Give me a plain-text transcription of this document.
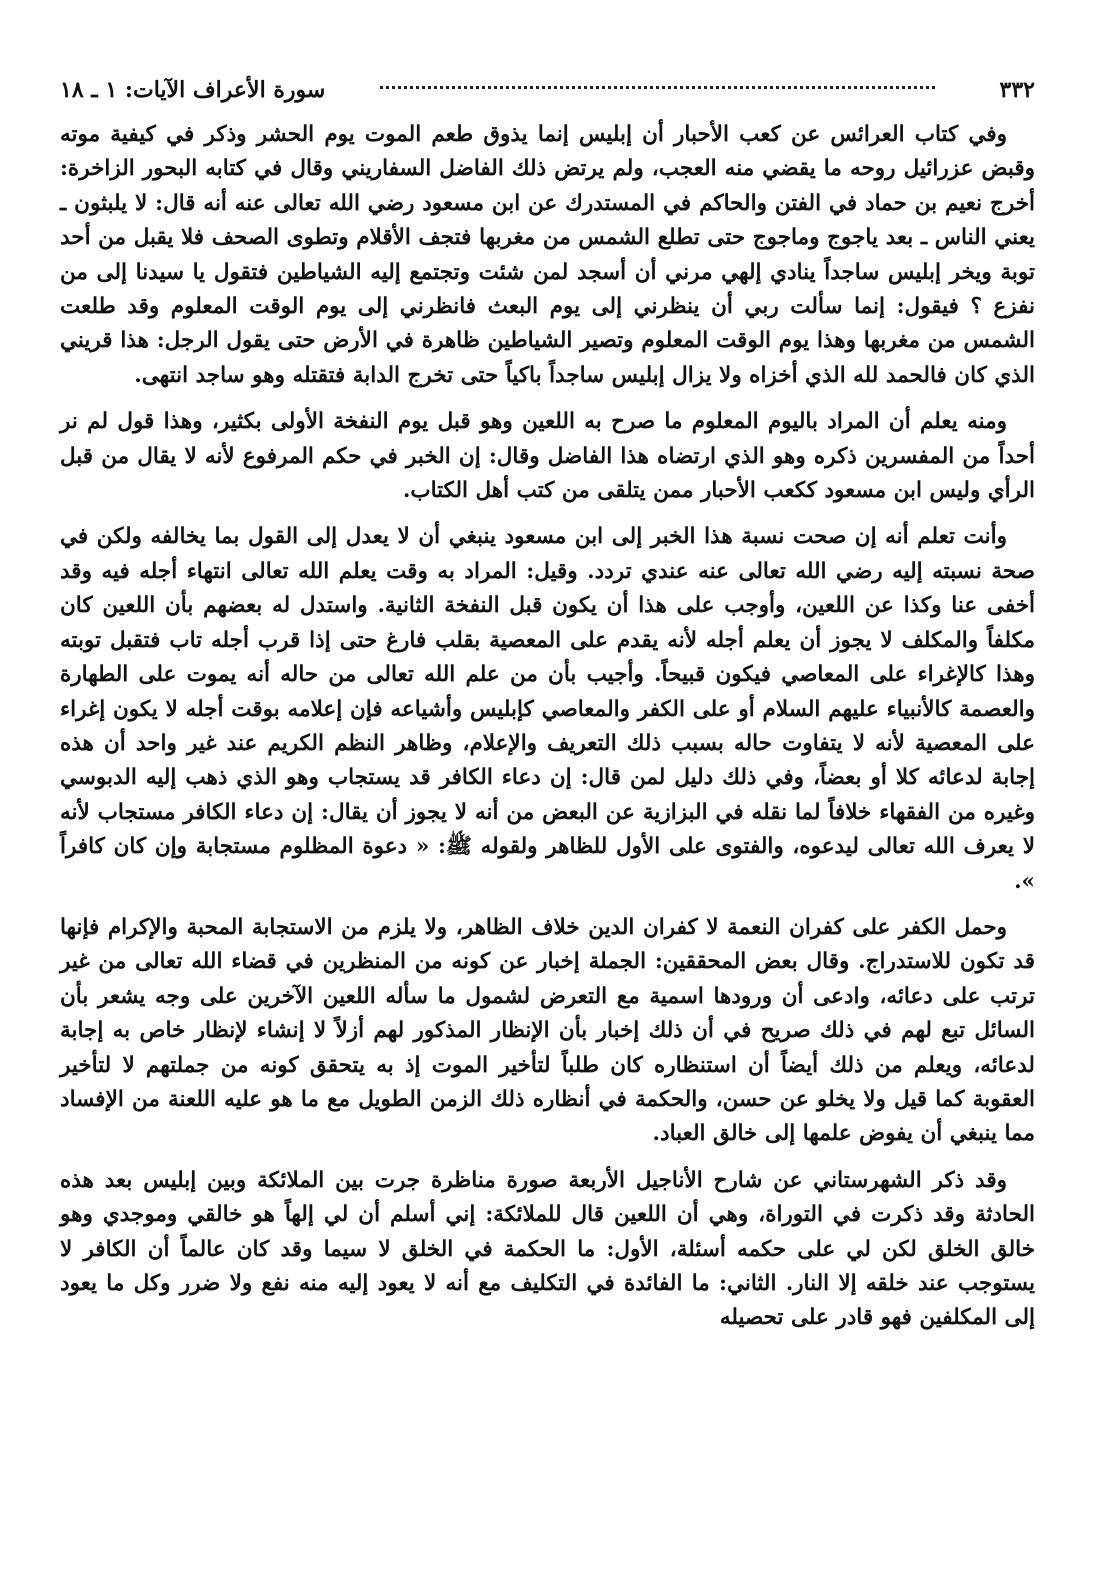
٣٣٢
سورة الأعراف الآيات: ١ ـ ١٨

وفي كتاب العرائس عن كعب الأحبار أن إبليس إنما يذوق طعم الموت يوم الحشر وذكر في كيفية موته وقبض عزرائيل روحه ما يقضي منه العجب، ولم يرتض ذلك الفاضل السفاريني وقال في كتابه البحور الزاخرة: أخرج نعيم بن حماد في الفتن والحاكم في المستدرك عن ابن مسعود رضي الله تعالى عنه أنه قال: لا يلبثون ـ يعني الناس ـ بعد ياجوج وماجوج حتى تطلع الشمس من مغربها فتجف الأقلام وتطوى الصحف فلا يقبل من أحد توبة ويخر إبليس ساجداً ينادي إلهي مرني أن أسجد لمن شئت وتجتمع إليه الشياطين فتقول يا سيدنا إلى من نفزع ؟ فيقول: إنما سألت ربي أن ينظرني إلى يوم البعث فانظرني إلى يوم الوقت المعلوم وقد طلعت الشمس من مغربها وهذا يوم الوقت المعلوم وتصير الشياطين ظاهرة في الأرض حتى يقول الرجل: هذا قريني الذي كان فالحمد لله الذي أخزاه ولا يزال إبليس ساجداً باكياً حتى تخرج الدابة فتقتله وهو ساجد انتهى.

ومنه يعلم أن المراد باليوم المعلوم ما صرح به اللعين وهو قبل يوم النفخة الأولى بكثير، وهذا قول لم نر أحداً من المفسرين ذكره وهو الذي ارتضاه هذا الفاضل وقال: إن الخبر في حكم المرفوع لأنه لا يقال من قبل الرأي وليس ابن مسعود ككعب الأحبار ممن يتلقى من كتب أهل الكتاب.

وأنت تعلم أنه إن صحت نسبة هذا الخبر إلى ابن مسعود ينبغي أن لا يعدل إلى القول بما يخالفه ولكن في صحة نسبته إليه رضي الله تعالى عنه عندي تردد. وقيل: المراد به وقت يعلم الله تعالى انتهاء أجله فيه وقد أخفى عنا وكذا عن اللعين، وأوجب على هذا أن يكون قبل النفخة الثانية. واستدل له بعضهم بأن اللعين كان مكلفاً والمكلف لا يجوز أن يعلم أجله لأنه يقدم على المعصية بقلب فارغ حتى إذا قرب أجله تاب فتقبل توبته وهذا كالإغراء على المعاصي فيكون قبيحاً. وأجيب بأن من علم الله تعالى من حاله أنه يموت على الطهارة والعصمة كالأنبياء عليهم السلام أو على الكفر والمعاصي كإبليس وأشياعه فإن إعلامه بوقت أجله لا يكون إغراء على المعصية لأنه لا يتفاوت حاله بسبب ذلك التعريف والإعلام، وظاهر النظم الكريم عند غير واحد أن هذه إجابة لدعائه كلا أو بعضاً، وفي ذلك دليل لمن قال: إن دعاء الكافر قد يستجاب وهو الذي ذهب إليه الدبوسي وغيره من الفقهاء خلافاً لما نقله في البزازية عن البعض من أنه لا يجوز أن يقال: إن دعاء الكافر مستجاب لأنه لا يعرف الله تعالى ليدعوه، والفتوى على الأول للظاهر ولقوله ﷺ: « دعوة المظلوم مستجابة وإن كان كافراً ».

وحمل الكفر على كفران النعمة لا كفران الدين خلاف الظاهر، ولا يلزم من الاستجابة المحبة والإكرام فإنها قد تكون للاستدراج. وقال بعض المحققين: الجملة إخبار عن كونه من المنظرين في قضاء الله تعالى من غير ترتب على دعائه، وادعى أن ورودها اسمية مع التعرض لشمول ما سأله اللعين الآخرين على وجه يشعر بأن السائل تبع لهم في ذلك صريح في أن ذلك إخبار بأن الإنظار المذكور لهم أزلاً لا إنشاء لإنظار خاص به إجابة لدعائه، ويعلم من ذلك أيضاً أن استنظاره كان طلباً لتأخير الموت إذ به يتحقق كونه من جملتهم لا لتأخير العقوبة كما قيل ولا يخلو عن حسن، والحكمة في أنظاره ذلك الزمن الطويل مع ما هو عليه اللعنة من الإفساد مما ينبغي أن يفوض علمها إلى خالق العباد.

وقد ذكر الشهرستاني عن شارح الأناجيل الأربعة صورة مناظرة جرت بين الملائكة وبين إبليس بعد هذه الحادثة وقد ذكرت في التوراة، وهي أن اللعين قال للملائكة: إني أسلم أن لي إلهاً هو خالقي وموجدي وهو خالق الخلق لكن لي على حكمه أسئلة، الأول: ما الحكمة في الخلق لا سيما وقد كان عالماً أن الكافر لا يستوجب عند خلقه إلا النار. الثاني: ما الفائدة في التكليف مع أنه لا يعود إليه منه نفع ولا ضرر وكل ما يعود إلى المكلفين فهو قادر على تحصيله
